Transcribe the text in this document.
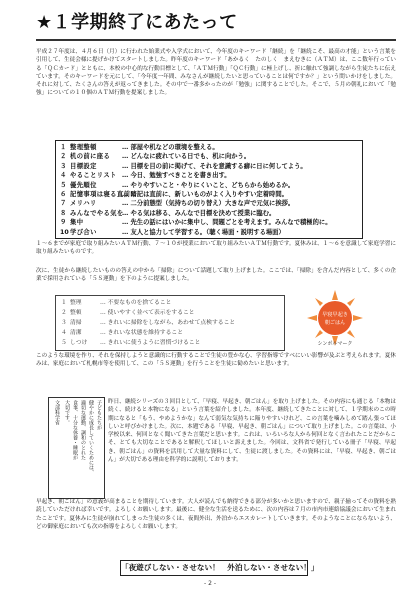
★１学期終了にあたって
平成２７年度は、４月６日（月）に行われた始業式や入学式において、今年度のキーワード「継続」を「継続こそ、最高の才能」という言葉を引用して、生徒会様に提げかけてスタートしました。昨年度のキーワード「あかるく　たのしく　まえむきに（ＡＴＭ）は、ここ数年行っている「ＱＣカード」とともに、本校の中心的な行動目標として、「ＡＴＭ行動」「ＱＣ行動」に極上げし、折に触れて強調しながら生徒たちに伝えています。そのキーワードを元にして、「今年度一年間、みなさんが継続したいと思っていることは何ですか？」という問いかけをしました。それに対して、たくさんの答えが返ってきました。その中で一番多かったのが「勉強」に関することでした。そこで、５月の朝礼において「勉強」についての１０個のＡＴＭ行動を提案しました。
１ 整理整頓	… 部屋や机などの環境を整える。
２ 机の前に座る … どんなに疲れている日でも、机に向かう。
３ 目標設定	… 目標を目の前に掲げて、それを意識する癖に日に何してよう。
４ やることリスト … 今日、勉強すべきことを書き出す。
５ 優先順位	… やりやすいこと・やりにくいこと、どちらから始めるか。
６ 記憶事項は寝る直前に… 暗記は直前に、新しいものがよく入りやすい定着時間。
７ メリハリ	… 二分前態型（気持ちの切り替え）大きな声で元気に挨拶。
８ みんなでやる気を… やる気は移る、みんなで目標を決めて授業に臨む。
９ 集中	… 先生の話にはいかに集中し、問題ごとを考えます。みんなで積極的に。
10学び合い	… 友人と協力して学習する。（聴く場面・説明する場面）
１～６までが家庭で取り組みたいＡＴＭ行動、７～１０が授業において取り組みたいＡＴＭ行動です。夏休みは、１～６を意識して家庭学習に取り組みたいものです。
次に、生徒から継続したいものの答えの中から「掃除」について話題して取り上げました。ここでは、「掃除」を含んだ内容として、多くの企業で採用されている「５Ｓ運動」を下のように提案しました。
１ 整理	… 不要なものを捨てること
２ 整頓	… 使いやすく並べて表示をすること
３ 清掃	… きれいに掃除をしながら、あわせて点検すること
４ 清潔	… きれいな状態を維持すること
５ しつけ … きれいに使うように習慣づけること
早寝早起き
朝ごはん
シンボルマーク
このような環境を作り、それを保持しようと意識的に行動することで生徒の豊かな心、学習指導ですべにいい影響が及ぶと考えられます。夏休みは、家庭において札幌市等を使用して、この「５Ｓ運動」を行うことを生徒に勧めたいと思います。
子どもたちが
健やかに成長していくためには、
適切な運動、調和のとれた
食事、十分な休養・睡眠が
大切です。
文部科学省	昨日、継続シリーズの３回目として、「早寝、早起き、朝ごはん」を取り上げました。その内容にも通じる「本物は続く、続けると本物になる」という言葉を紹介しました。本年度、継続してきたことに対して、１学期末のこの時期になると「もう、やめようかな」なんて弱気な気持ちに陥りやすいけれど、この言葉を噛みしめて踏ん張ってほしいと呼びかけました。次に、本題である「早寝、早起き、朝ごはん」について取り上げました。この言葉は、小学校以来、何回となく聞いてきた言葉だと思います。これは、いろいろな人から何回となく言われたことだからこそ、とても大切なことであると解釈してほしいと訴えました。今回は、文科省で発行している冊子「早寝、早起き、朝ごはん」の資料を活用して大量な資料にして、生徒に渡しました。その資料には、「早寝、早起き、朝ごはん」が大切である理由を科学的に説明しております。
早起き、朝ごはん」の意義が高まることを期待しています。大人が読んでも納得できる部分が多いかと思いますので、親子揃ってその資料を熟読していただければ幸いです。よろしくお願いします。最後に、健全な生活を送るために、次の内容は７月の市内市連絡協議会において生まれたことです。夏休みに生徒が崩れてしまった生徒の多くは、夜間外出、外泊からエスカレートしていきます。そのようなことにならないよう、どの御家庭においても次の指導をよろしくお願いします。
「夜遊びしない・させない！　外泊しない・させない！」
- 2 -
